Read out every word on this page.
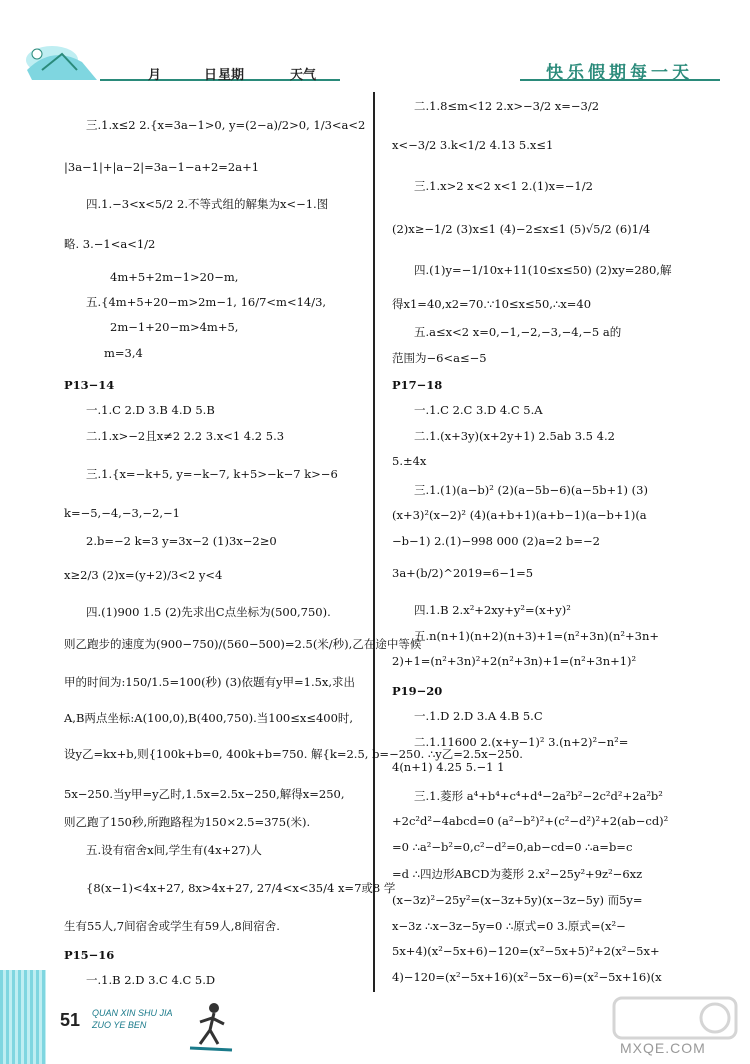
月	日 星期	天气	快乐假期每一天
三.1.x≤2 2.{x=3a−1>0, y=(2−a)/2>0, 1/3<a<2
|3a−1|+|a−2|=3a−1−a+2=2a+1
四.1.−3<x<5/2 2.不等式组的解集为x<−1.图
略. 3.−1<a<1/2
4m+5+2m−1>20−m,
五.{4m+5+20−m>2m−1, 16/7<m<14/3,
2m−1+20−m>4m+5,
m=3,4
P13−14
一.1.C 2.D 3.B 4.D 5.B
二.1.x>−2且x≠2 2.2 3.x<1 4.2 5.3
三.1.{x=−k+5, y=−k−7, k+5>−k−7 k>−6
k=−5,−4,−3,−2,−1
2.b=−2 k=3 y=3x−2 (1)3x−2≥0
x≥2/3 (2)x=(y+2)/3<2 y<4
四.(1)900 1.5 (2)先求出C点坐标为(500,750).
则乙跑步的速度为(900−750)/(560−500)=2.5(米/秒),乙在途中等候
甲的时间为:150/1.5=100(秒) (3)依题有y甲=1.5x,求出
A,B两点坐标:A(100,0),B(400,750).当100≤x≤400时,
设y乙=kx+b,则{100k+b=0, 400k+b=750. 解{k=2.5, b=−250. ∴y乙=2.5x−250.
5x−250.当y甲=y乙时,1.5x=2.5x−250,解得x=250,
则乙跑了150秒,所跑路程为150×2.5=375(米).
五.设有宿舍x间,学生有(4x+27)人
{8(x−1)<4x+27, 8x>4x+27, 27/4<x<35/4 x=7或8 学
生有55人,7间宿舍或学生有59人,8间宿舍.
P15−16
一.1.B 2.D 3.C 4.C 5.D
二.1.8≤m<12 2.x>−3/2 x=−3/2
x<−3/2 3.k<1/2 4.13 5.x≤1
三.1.x>2 x<2 x<1 2.(1)x=−1/2
(2)x≥−1/2 (3)x≤1 (4)−2≤x≤1 (5)√5/2 (6)1/4
四.(1)y=−1/10x+11(10≤x≤50) (2)xy=280,解
得x1=40,x2=70.∵10≤x≤50,∴x=40
五.a≤x<2 x=0,−1,−2,−3,−4,−5 a的
范围为−6<a≤−5
P17−18
一.1.C 2.C 3.D 4.C 5.A
二.1.(x+3y)(x+2y+1) 2.5ab 3.5 4.2
5.±4x
三.1.(1)(a−b)² (2)(a−5b−6)(a−5b+1) (3)
(x+3)²(x−2)² (4)(a+b+1)(a+b−1)(a−b+1)(a
−b−1) 2.(1)−998 000 (2)a=2 b=−2
3a+(b/2)^2019=6−1=5
四.1.B 2.x²+2xy+y²=(x+y)²
五.n(n+1)(n+2)(n+3)+1=(n²+3n)(n²+3n+
2)+1=(n²+3n)²+2(n²+3n)+1=(n²+3n+1)²
P19−20
一.1.D 2.D 3.A 4.B 5.C
二.1.11600 2.(x+y−1)² 3.(n+2)²−n²=
4(n+1) 4.25 5.−1 1
三.1.菱形 a⁴+b⁴+c⁴+d⁴−2a²b²−2c²d²+2a²b²
+2c²d²−4abcd=0 (a²−b²)²+(c²−d²)²+2(ab−cd)²
=0 ∴a²−b²=0,c²−d²=0,ab−cd=0 ∴a=b=c
=d ∴四边形ABCD为菱形 2.x²−25y²+9z²−6xz
(x−3z)²−25y²=(x−3z+5y)(x−3z−5y) 而5y=
x−3z ∴x−3z−5y=0 ∴原式=0 3.原式=(x²−
5x+4)(x²−5x+6)−120=(x²−5x+5)²+2(x²−5x+
4)−120=(x²−5x+16)(x²−5x−6)=(x²−5x+16)(x
51 QUAN XIN SHU JIA
ZUO YE BEN
MXQE.COM
